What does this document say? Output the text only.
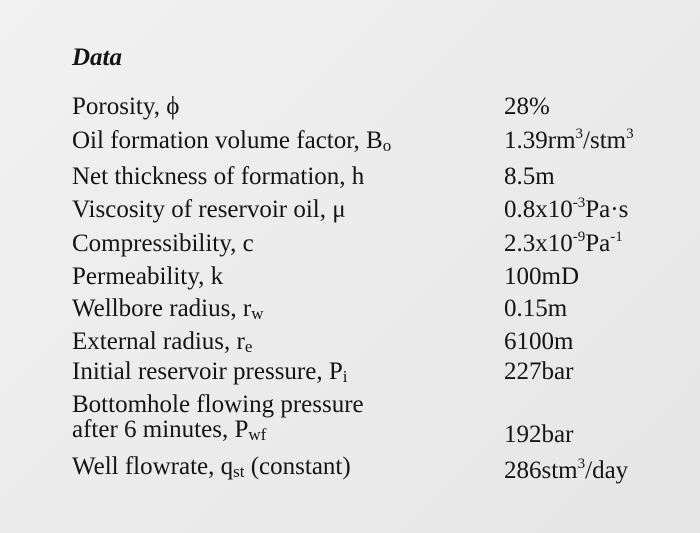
Data
Porosity, ϕ	28%
Oil formation volume factor, Bo	$1.39rm^3/stm^3$
Net thickness of formation, h	8.5m
Viscosity of reservoir oil, μ	$0.8x10^{-3}Pa\cdot s$
Compressibility, c	$2.3x10^{-9}Pa^{-1}$
Permeability, k	100mD
Wellbore radius, rw	0.15m
External radius, re	6100m
Initial reservoir pressure, Pi	227bar
Bottomhole flowing pressure
after 6 minutes, Pwf	192bar
Well flowrate, qst (constant)	286stm$^3$/day
